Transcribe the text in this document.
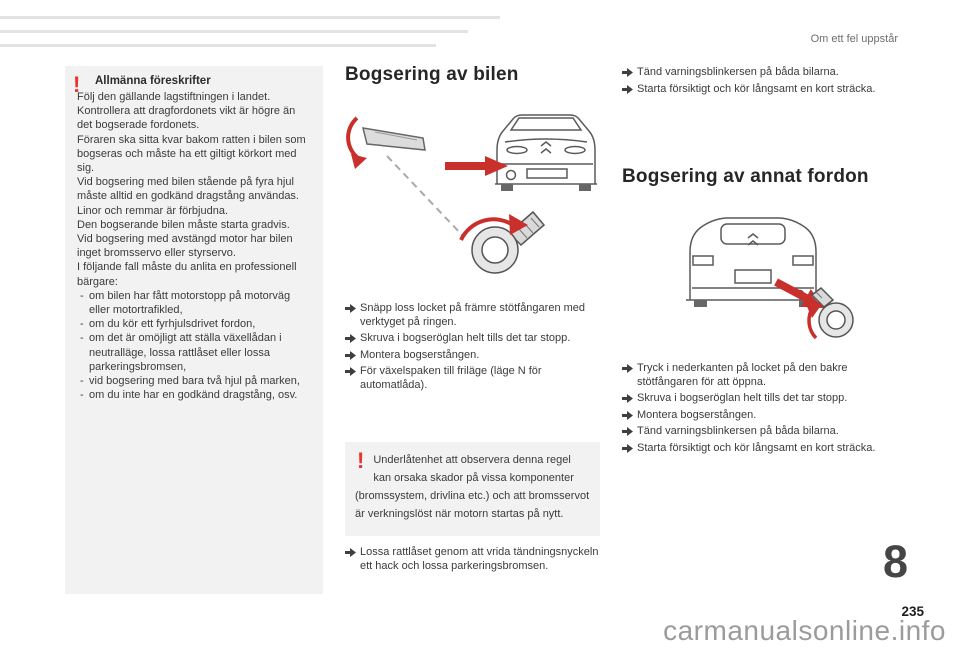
Om ett fel uppstår
! Allmänna föreskrifter
Följ den gällande lagstiftningen i landet.
Kontrollera att dragfordonets vikt är högre än det bogserade fordonets.
Föraren ska sitta kvar bakom ratten i bilen som bogseras och måste ha ett giltigt körkort med sig.
Vid bogsering med bilen stående på fyra hjul måste alltid en godkänd dragstång användas. Linor och remmar är förbjudna.
Den bogserande bilen måste starta gradvis.
Vid bogsering med avstängd motor har bilen inget bromsservo eller styrservo.
I följande fall måste du anlita en professionell bärgare:
- om bilen har fått motorstopp på motorväg eller motortrafikled,
- om du kör ett fyrhjulsdrivet fordon,
- om det är omöjligt att ställa växellådan i neutralläge, lossa rattlåset eller lossa parkeringsbromsen,
- vid bogsering med bara två hjul på marken,
- om du inte har en godkänd dragstång, osv.
Bogsering av bilen
Snäpp loss locket på främre stötfångaren med verktyget på ringen.
Skruva i bogseröglan helt tills det tar stopp.
Montera bogserstången.
För växelspaken till friläge (läge N för automatlåda).
! Underlåtenhet att observera denna regel kan orsaka skador på vissa komponenter (bromssystem, drivlina etc.) och att bromsservot är verkningslöst när motorn startas på nytt.
Lossa rattlåset genom att vrida tändningsnyckeln ett hack och lossa parkeringsbromsen.
Tänd varningsblinkersen på båda bilarna.
Starta försiktigt och kör långsamt en kort sträcka.
Bogsering av annat fordon
Tryck i nederkanten på locket på den bakre stötfångaren för att öppna.
Skruva i bogseröglan helt tills det tar stopp.
Montera bogserstången.
Tänd varningsblinkersen på båda bilarna.
Starta försiktigt och kör långsamt en kort sträcka.
8
235
carmanualsonline.info
